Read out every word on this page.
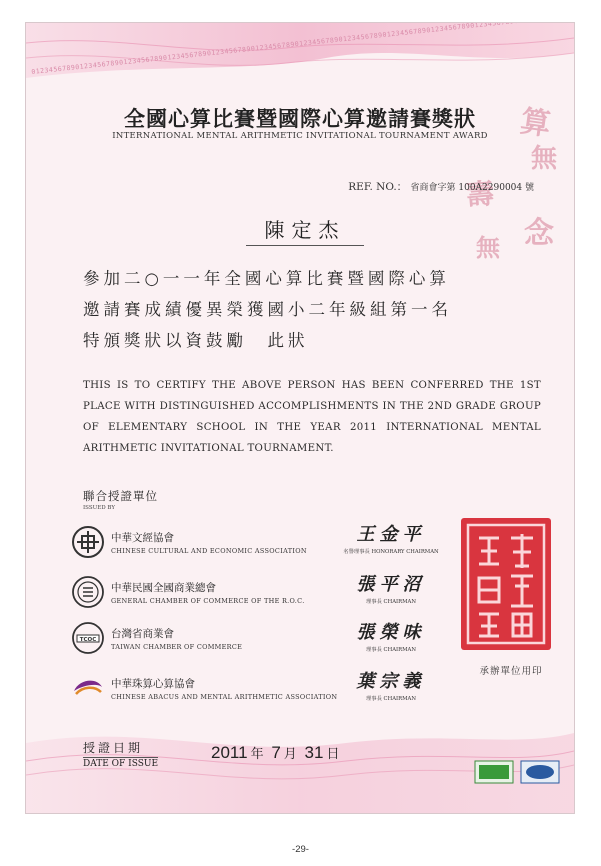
算
無
念
壽
無
全國心算比賽暨國際心算邀請賽獎狀
INTERNATIONAL MENTAL ARITHMETIC INVITATIONAL TOURNAMENT AWARD
REF. NO.： 省商會字第 100A2290004 號
陳定杰
參加二○一一年全國心算比賽暨國際心算
邀請賽成績優異榮獲國小二年級組第一名
特頒獎狀以資鼓勵　此狀
THIS IS TO CERTIFY THE ABOVE PERSON HAS BEEN CONFERRED THE 1ST PLACE WITH DISTINGUISHED ACCOMPLISHMENTS IN THE 2ND GRADE GROUP OF ELEMENTARY SCHOOL IN THE YEAR 2011 INTERNATIONAL MENTAL ARITHMETIC INVITATIONAL TOURNAMENT.
聯合授證單位
ISSUED BY
中華文經協會
CHINESE CULTURAL AND ECONOMIC ASSOCIATION
王金平
名譽理事長 HONORARY CHAIRMAN
中華民國全國商業總會
GENERAL CHAMBER OF COMMERCE OF THE R.O.C.
張平沼
理事長 CHAIRMAN
TCOC 台灣省商業會
TAIWAN CHAMBER OF COMMERCE
張榮味
理事長 CHAIRMAN
中華珠算心算協會
CHINESE ABACUS AND MENTAL ARITHMETIC ASSOCIATION
葉宗義
理事長 CHAIRMAN
承辦單位用印
授證日期
DATE OF ISSUE
2011 年 7 月 31 日
-29-
